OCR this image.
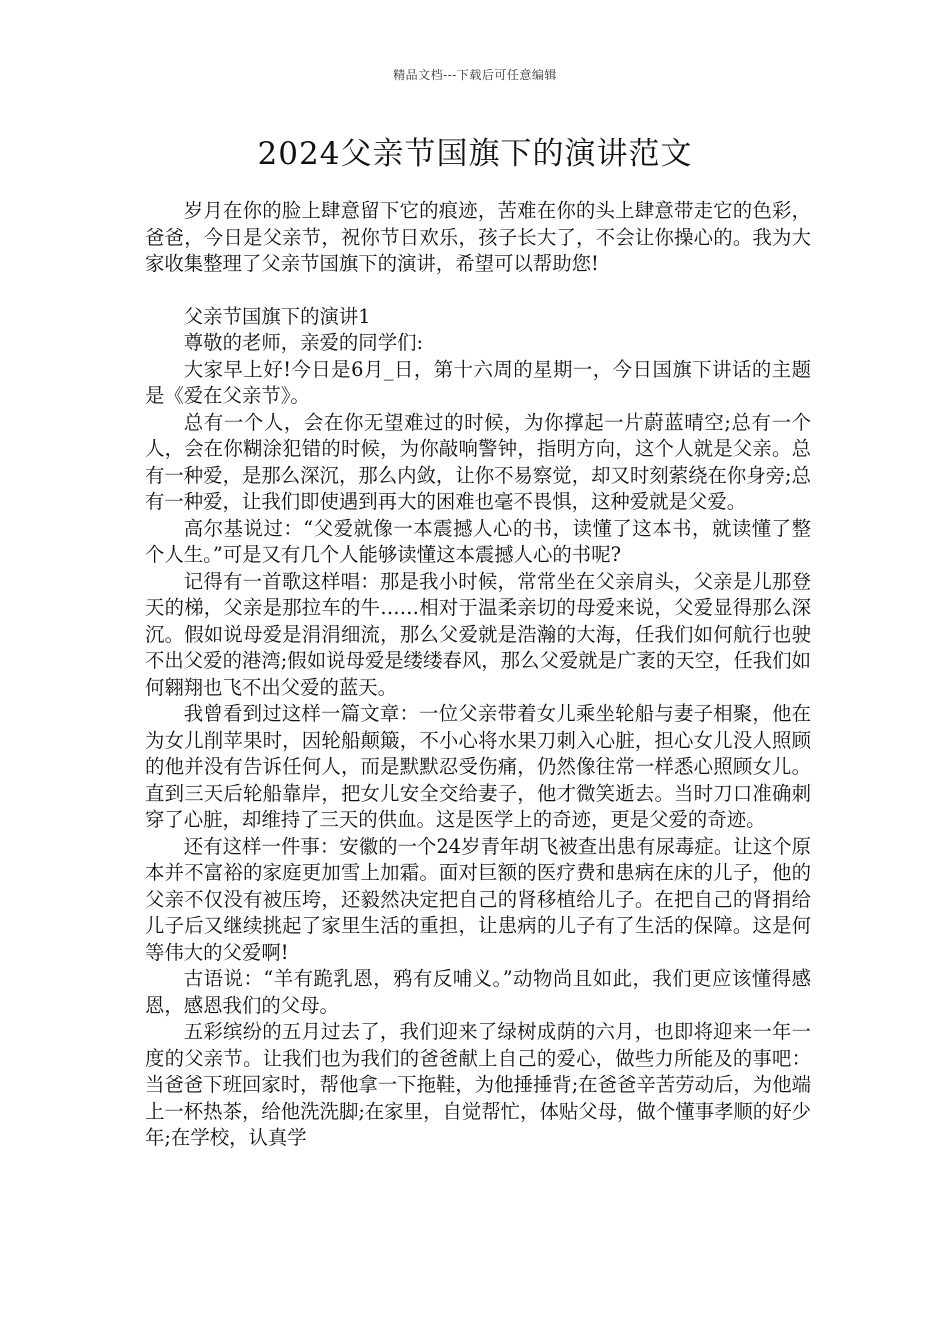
精品文档---下载后可任意编辑
2024父亲节国旗下的演讲范文

岁月在你的脸上肆意留下它的痕迹，苦难在你的头上肆意带走它的色彩，爸爸，今日是父亲节，祝你节日欢乐，孩子长大了，不会让你操心的。我为大家收集整理了父亲节国旗下的演讲，希望可以帮助您!

父亲节国旗下的演讲1

尊敬的老师，亲爱的同学们:

大家早上好!今日是6月_日，第十六周的星期一，今日国旗下讲话的主题是《爱在父亲节》。

总有一个人，会在你无望难过的时候，为你撑起一片蔚蓝晴空;总有一个人，会在你糊涂犯错的时候，为你敲响警钟，指明方向，这个人就是父亲。总有一种爱，是那么深沉，那么内敛，让你不易察觉，却又时刻萦绕在你身旁;总有一种爱，让我们即使遇到再大的困难也毫不畏惧，这种爱就是父爱。

高尔基说过：“父爱就像一本震撼人心的书，读懂了这本书，就读懂了整个人生。”可是又有几个人能够读懂这本震撼人心的书呢?

记得有一首歌这样唱：那是我小时候，常常坐在父亲肩头，父亲是儿那登天的梯，父亲是那拉车的牛……相对于温柔亲切的母爱来说，父爱显得那么深沉。假如说母爱是涓涓细流，那么父爱就是浩瀚的大海，任我们如何航行也驶不出父爱的港湾;假如说母爱是缕缕春风，那么父爱就是广袤的天空，任我们如何翱翔也飞不出父爱的蓝天。

我曾看到过这样一篇文章：一位父亲带着女儿乘坐轮船与妻子相聚，他在为女儿削苹果时，因轮船颠簸，不小心将水果刀刺入心脏，担心女儿没人照顾的他并没有告诉任何人，而是默默忍受伤痛，仍然像往常一样悉心照顾女儿。直到三天后轮船靠岸，把女儿安全交给妻子，他才微笑逝去。当时刀口准确刺穿了心脏，却维持了三天的供血。这是医学上的奇迹，更是父爱的奇迹。

还有这样一件事：安徽的一个24岁青年胡飞被查出患有尿毒症。让这个原本并不富裕的家庭更加雪上加霜。面对巨额的医疗费和患病在床的儿子，他的父亲不仅没有被压垮，还毅然决定把自己的肾移植给儿子。在把自己的肾捐给儿子后又继续挑起了家里生活的重担，让患病的儿子有了生活的保障。这是何等伟大的父爱啊!

古语说：“羊有跪乳恩，鸦有反哺义。”动物尚且如此，我们更应该懂得感恩，感恩我们的父母。

五彩缤纷的五月过去了，我们迎来了绿树成荫的六月，也即将迎来一年一度的父亲节。让我们也为我们的爸爸献上自己的爱心，做些力所能及的事吧：当爸爸下班回家时，帮他拿一下拖鞋，为他捶捶背;在爸爸辛苦劳动后，为他端上一杯热茶，给他洗洗脚;在家里，自觉帮忙，体贴父母，做个懂事孝顺的好少年;在学校，认真学
